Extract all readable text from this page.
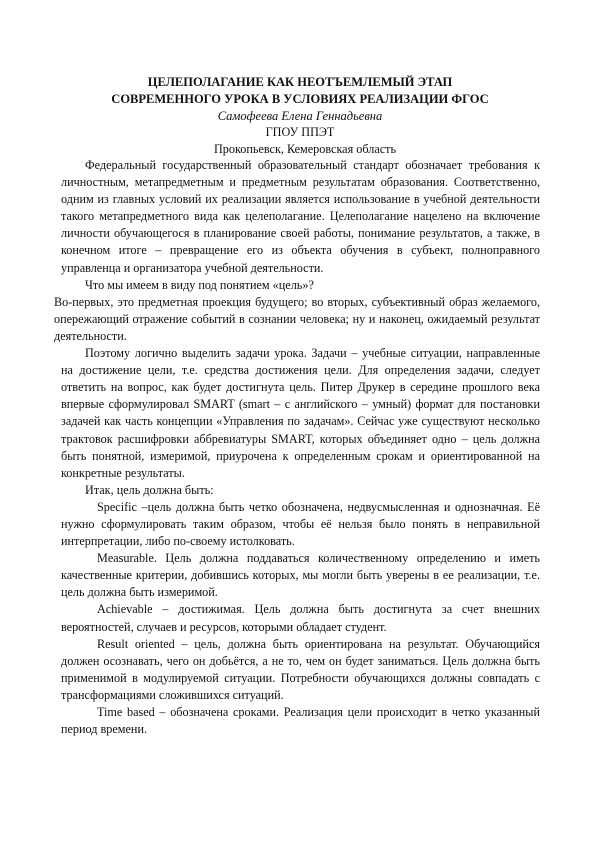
ЦЕЛЕПОЛАГАНИЕ КАК НЕОТЪЕМЛЕМЫЙ ЭТАП
СОВРЕМЕННОГО УРОКА В УСЛОВИЯХ РЕАЛИЗАЦИИ ФГОС
Самофеева Елена Геннадьевна
ГПОУ ППЭТ
Прокопьевск, Кемеровская область

Федеральный государственный образовательный стандарт обозначает требования к личностным, метапредметным и предметным результатам образования. Соответственно, одним из главных условий их реализации является использование в учебной деятельности такого метапредметного вида как целеполагание. Целеполагание нацелено на включение личности обучающегося в планирование своей работы, понимание результатов, а также, в конечном итоге – превращение его из объекта обучения в субъект, полноправного управленца и организатора учебной деятельности.

Что мы имеем в виду под понятием «цель»?

Во-первых, это предметная проекция будущего; во вторых, субъективный образ желаемого, опережающий отражение событий в сознании человека; ну и наконец, ожидаемый результат деятельности.

Поэтому логично выделить задачи урока. Задачи – учебные ситуации, направленные на достижение цели, т.е. средства достижения цели. Для определения задачи, следует ответить на вопрос, как будет достигнута цель. Питер Друкер в середине прошлого века впервые сформулировал SMART (smart – с английского – умный) формат для постановки задачей как часть концепции «Управления по задачам». Сейчас уже существуют несколько трактовок расшифровки аббревиатуры SMART, которых объединяет одно – цель должна быть понятной, измеримой, приурочена к определенным срокам и ориентированной на конкретные результаты.

Итак, цель должна быть:

Specific –цель должна быть четко обозначена, недвусмысленная и однозначная. Её нужно сформулировать таким образом, чтобы её нельзя было понять в неправильной интерпретации, либо по-своему истолковать.

Measurable. Цель должна поддаваться количественному определению и иметь качественные критерии, добившись которых, мы могли быть уверены в ее реализации, т.е. цель должна быть измеримой.

Achievable – достижимая. Цель должна быть достигнута за счет внешних вероятностей, случаев и ресурсов, которыми обладает студент.

Result oriented – цель, должна быть ориентирована на результат. Обучающийся должен осознавать, чего он добьётся, а не то, чем он будет заниматься. Цель должна быть применимой в модулируемой ситуации. Потребности обучающихся должны совпадать с трансформациями сложившихся ситуаций.

Time based – обозначена сроками. Реализация цели происходит в четко указанный период времени.
